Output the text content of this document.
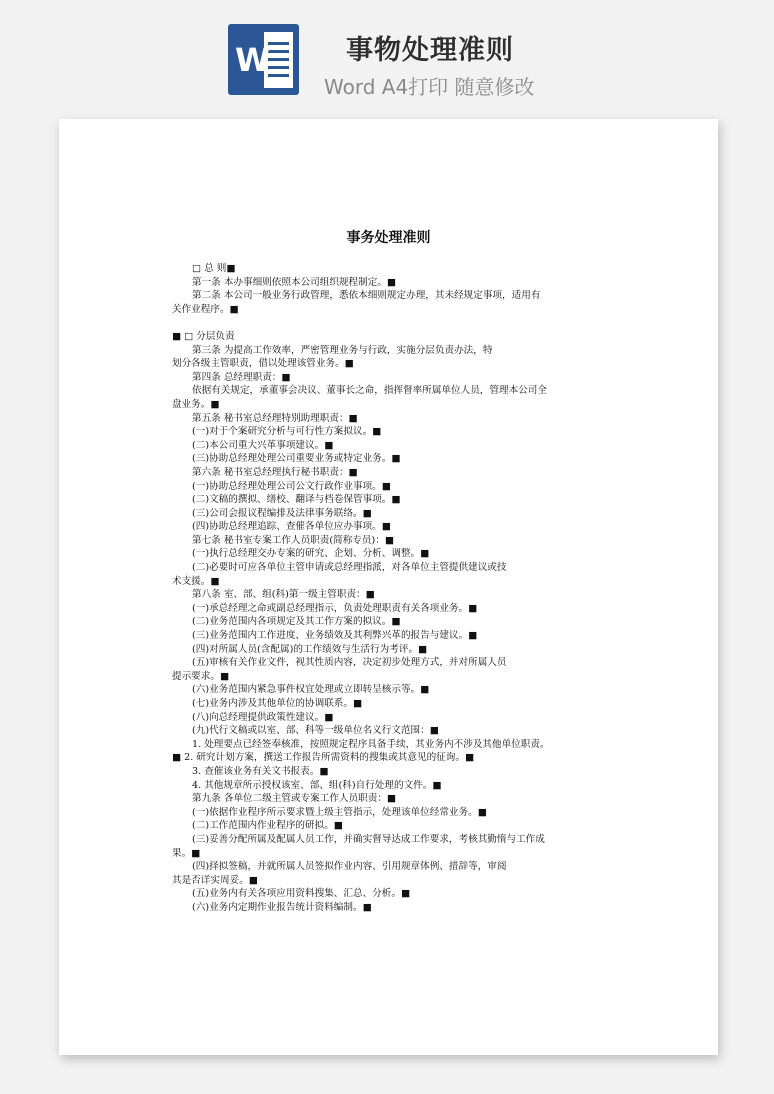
W	事物处理准则
Word A4打印 随意修改
事务处理准则
□ 总 则■
第一条 本办事细则依照本公司组织规程制定。■
第二条 本公司一般业务行政管理，悉依本细则规定办理，其未经规定事项，适用有
关作业程序。■
■ □ 分层负责
第三条 为提高工作效率，严密管理业务与行政，实施分层负责办法，特
划分各级主管职责，借以处理该管业务。■
第四条 总经理职责：■
依据有关规定，承董事会决议、董事长之命，指挥督率所属单位人员，管理本公司全
盘业务。■
第五条 秘书室总经理特别助理职责：■
(一)对于个案研究分析与可行性方案拟议。■
(二)本公司重大兴革事项建议。■
(三)协助总经理处理公司重要业务或特定业务。■
第六条 秘书室总经理执行秘书职责：■
(一)协助总经理处理公司公文行政作业事项。■
(二)文稿的撰拟、缮校、翻译与档卷保管事项。■
(三)公司会报议程编排及法律事务联络。■
(四)协助总经理追踪、查催各单位应办事项。■
第七条 秘书室专案工作人员职责(简称专员)：■
(一)执行总经理交办专案的研究、企划、分析、调整。■
(二)必要时可应各单位主管申请或总经理指派，对各单位主管提供建议或技
术支援。■
第八条 室、部、组(科)第一级主管职责：■
(一)承总经理之命或副总经理指示，负责处理职责有关各项业务。■
(二)业务范围内各项规定及其工作方案的拟议。■
(三)业务范围内工作进度、业务绩效及其利弊兴革的报告与建议。■
(四)对所属人员(含配属)的工作绩效与生活行为考评。■
(五)审核有关作业文件，视其性质内容，决定初步处理方式，并对所属人员
提示要求。■
(六)业务范围内紧急事件权宜处理或立即转呈核示等。■
(七)业务内涉及其他单位的协调联系。■
(八)向总经理提供政策性建议。■
(九)代行文稿或以室、部、科等一级单位名义行文范围：■
1. 处理要点已经签奉核准，按照规定程序具备手续，其业务内不涉及其他单位职责。
■ 2. 研究计划方案，撰送工作报告所需资料的搜集或其意见的征询。■
3. 查催该业务有关文书报表。■
4. 其他规章所示授权该室、部、组(科)自行处理的文件。■
第九条 各单位二级主管或专案工作人员职责：■
(一)依据作业程序所示要求暨上级主管指示，处理该单位经常业务。■
(二)工作范围内作业程序的研拟。■
(三)妥善分配所属及配属人员工作，并确实督导达成工作要求，考核其勤惰与工作成
果。■
(四)择拟签稿，并就所属人员签拟作业内容、引用规章体例、措辞等，审阅
其是否详实周妥。■
(五)业务内有关各项应用资料搜集、汇总、分析。■
(六)业务内定期作业报告统计资料编制。■
